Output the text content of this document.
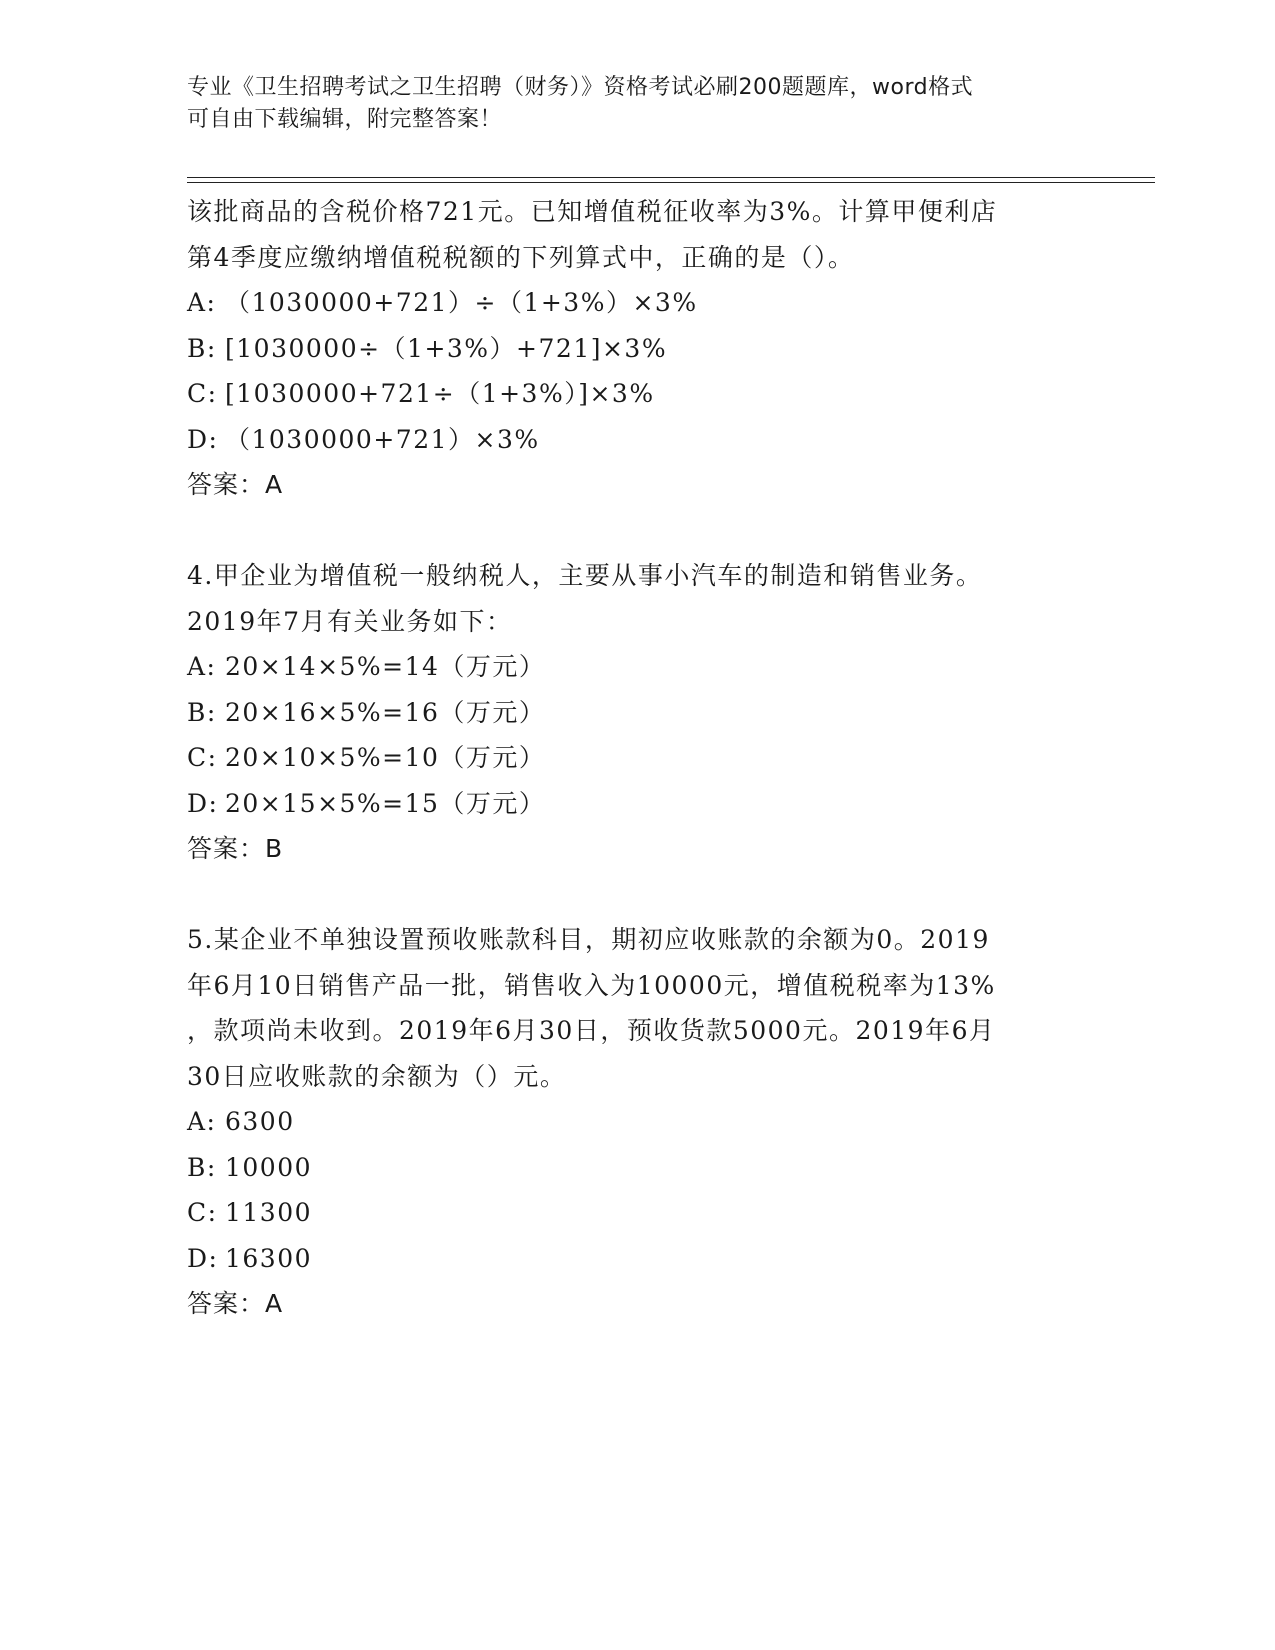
专业《卫生招聘考试之卫生招聘（财务）》资格考试必刷200题题库，word格式
可自由下载编辑，附完整答案！
该批商品的含税价格721元。已知增值税征收率为3%。计算甲便利店
第4季度应缴纳增值税税额的下列算式中，正确的是（）。
A: （1030000+721）÷（1+3%）×3%
B: [1030000÷（1+3%）+721]×3%
C: [1030000+721÷（1+3%）]×3%
D: （1030000+721）×3%
答案：A
4.甲企业为增值税一般纳税人，主要从事小汽车的制造和销售业务。
2019年7月有关业务如下：
A: 20×14×5%=14（万元）
B: 20×16×5%=16（万元）
C: 20×10×5%=10（万元）
D: 20×15×5%=15（万元）
答案：B
5.某企业不单独设置预收账款科目，期初应收账款的余额为0。2019
年6月10日销售产品一批，销售收入为10000元，增值税税率为13%
，款项尚未收到。2019年6月30日，预收货款5000元。2019年6月
30日应收账款的余额为（）元。
A: 6300
B: 10000
C: 11300
D: 16300
答案：A
